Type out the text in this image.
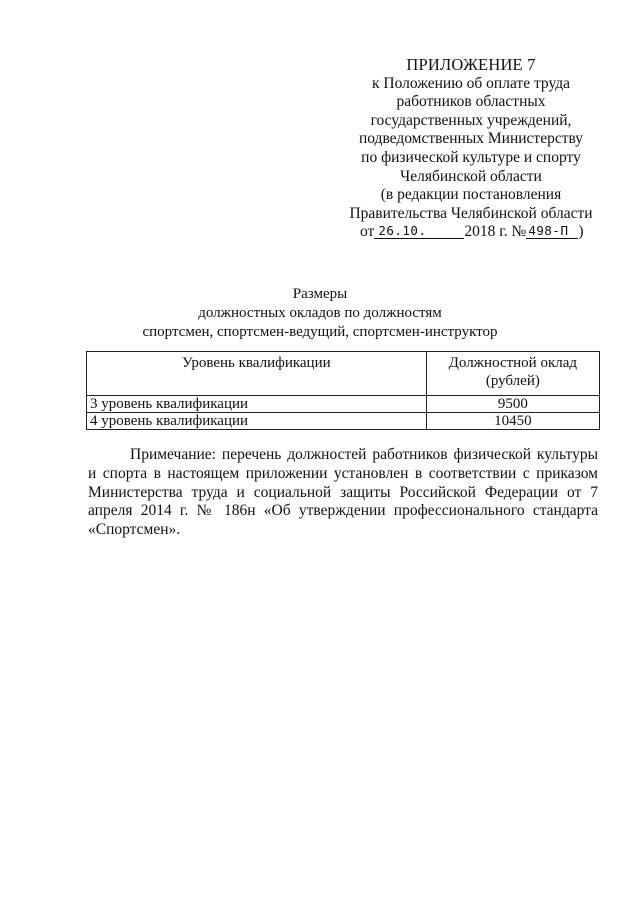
ПРИЛОЖЕНИЕ 7
к Положению об оплате труда
работников областных
государственных учреждений,
подведомственных Министерству
по физической культуре и спорту
Челябинской области
(в редакции постановления
Правительства Челябинской области
от 26.10. 2018 г. № 498-П )
Размеры
должностных окладов по должностям
спортсмен, спортсмен-ведущий, спортсмен-инструктор
Уровень квалификации	Должностной оклад
(рублей)
3 уровень квалификации	9500
4 уровень квалификации	10450

Примечание: перечень должностей работников физической культуры и спорта в настоящем приложении установлен в соответствии с приказом Министерства труда и социальной защиты Российской Федерации от 7 апреля 2014 г. № 186н «Об утверждении профессионального стандарта «Спортсмен».
